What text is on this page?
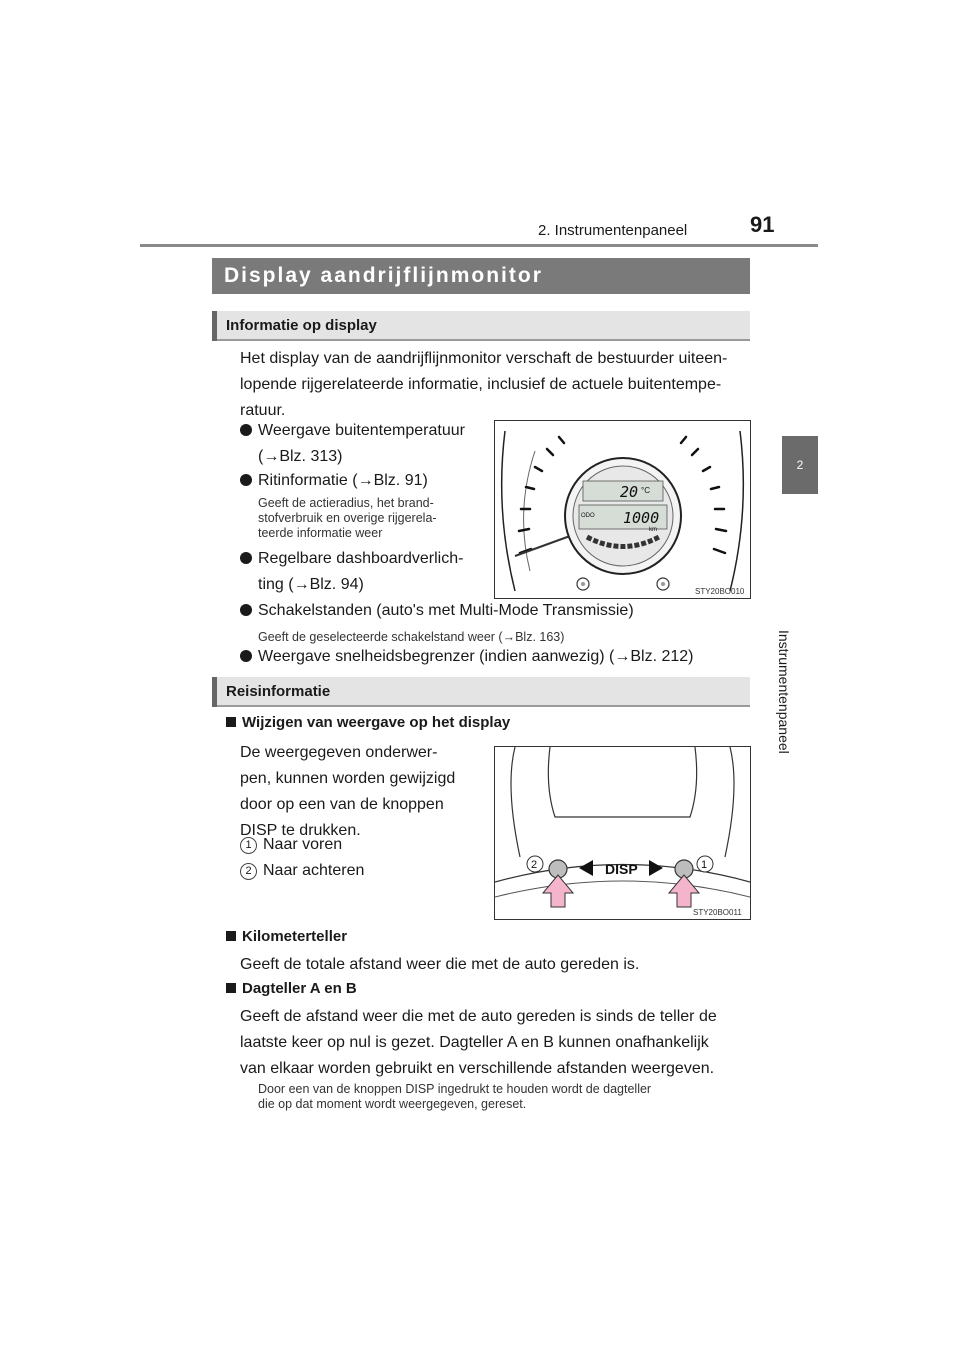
2. Instrumentenpaneel	91
2
Instrumentenpaneel
Display aandrijflijnmonitor
Informatie op display
Het display van de aandrijflijnmonitor verschaft de bestuurder uiteen-
lopende rijgerelateerde informatie, inclusief de actuele buitentempe-
ratuur.
Weergave buitentemperatuur
(→Blz. 313)
Ritinformatie (→Blz. 91)
Geeft de actieradius, het brand-
stofverbruik en overige rijgerela-
teerde informatie weer
Regelbare dashboardverlich-
ting (→Blz. 94)
Schakelstanden (auto's met Multi-Mode Transmissie)
Geeft de geselecteerde schakelstand weer (→Blz. 163)
Weergave snelheidsbegrenzer (indien aanwezig) (→Blz. 212)
20 °C
ODO 1000
km
STY20BO010
Reisinformatie
Wijzigen van weergave op het display
De weergegeven onderwer-
pen, kunnen worden gewijzigd
door op een van de knoppen
DISP te drukken.
1 Naar voren
2 Naar achteren	2	1
DISP
STY20BO011
Kilometerteller
Geeft de totale afstand weer die met de auto gereden is.
Dagteller A en B
Geeft de afstand weer die met de auto gereden is sinds de teller de
laatste keer op nul is gezet. Dagteller A en B kunnen onafhankelijk
van elkaar worden gebruikt en verschillende afstanden weergeven.
Door een van de knoppen DISP ingedrukt te houden wordt de dagteller
die op dat moment wordt weergegeven, gereset.
